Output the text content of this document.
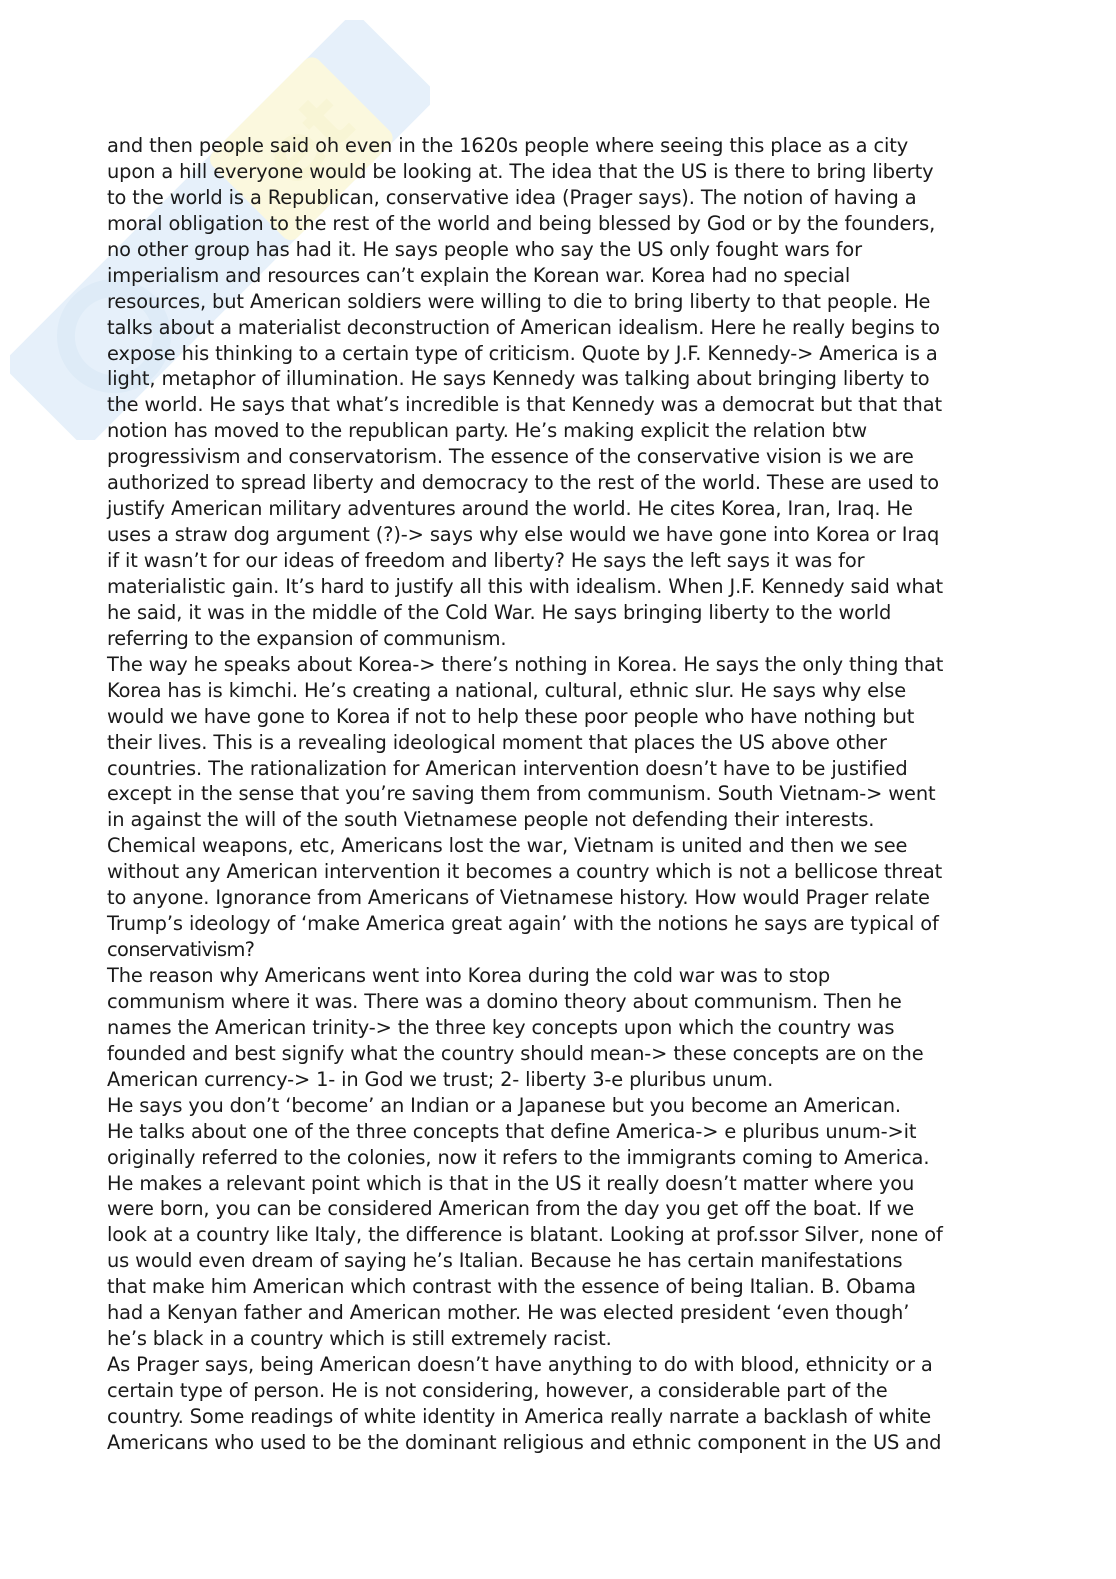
et
and then people said oh even in the 1620s people where seeing this place as a city
upon a hill everyone would be looking at. The idea that the US is there to bring liberty
to the world is a Republican, conservative idea (Prager says). The notion of having a
moral obligation to the rest of the world and being blessed by God or by the founders,
no other group has had it. He says people who say the US only fought wars for
imperialism and resources can’t explain the Korean war. Korea had no special
resources, but American soldiers were willing to die to bring liberty to that people. He
talks about a materialist deconstruction of American idealism. Here he really begins to
expose his thinking to a certain type of criticism. Quote by J.F. Kennedy-> America is a
light, metaphor of illumination. He says Kennedy was talking about bringing liberty to
the world. He says that what’s incredible is that Kennedy was a democrat but that that
notion has moved to the republican party. He’s making explicit the relation btw
progressivism and conservatorism. The essence of the conservative vision is we are
authorized to spread liberty and democracy to the rest of the world. These are used to
justify American military adventures around the world. He cites Korea, Iran, Iraq. He
uses a straw dog argument (?)-> says why else would we have gone into Korea or Iraq
if it wasn’t for our ideas of freedom and liberty? He says the left says it was for
materialistic gain. It’s hard to justify all this with idealism. When J.F. Kennedy said what
he said, it was in the middle of the Cold War. He says bringing liberty to the world
referring to the expansion of communism.
The way he speaks about Korea-> there’s nothing in Korea. He says the only thing that
Korea has is kimchi. He’s creating a national, cultural, ethnic slur. He says why else
would we have gone to Korea if not to help these poor people who have nothing but
their lives. This is a revealing ideological moment that places the US above other
countries. The rationalization for American intervention doesn’t have to be justified
except in the sense that you’re saving them from communism. South Vietnam-> went
in against the will of the south Vietnamese people not defending their interests.
Chemical weapons, etc, Americans lost the war, Vietnam is united and then we see
without any American intervention it becomes a country which is not a bellicose threat
to anyone. Ignorance from Americans of Vietnamese history. How would Prager relate
Trump’s ideology of ‘make America great again’ with the notions he says are typical of
conservativism?
The reason why Americans went into Korea during the cold war was to stop
communism where it was. There was a domino theory about communism. Then he
names the American trinity-> the three key concepts upon which the country was
founded and best signify what the country should mean-> these concepts are on the
American currency-> 1- in God we trust; 2- liberty 3-e pluribus unum.
He says you don’t ‘become’ an Indian or a Japanese but you become an American.
He talks about one of the three concepts that define America-> e pluribus unum->it
originally referred to the colonies, now it refers to the immigrants coming to America.
He makes a relevant point which is that in the US it really doesn’t matter where you
were born, you can be considered American from the day you get off the boat. If we
look at a country like Italy, the difference is blatant. Looking at prof.ssor Silver, none of
us would even dream of saying he’s Italian. Because he has certain manifestations
that make him American which contrast with the essence of being Italian. B. Obama
had a Kenyan father and American mother. He was elected president ‘even though’
he’s black in a country which is still extremely racist.
As Prager says, being American doesn’t have anything to do with blood, ethnicity or a
certain type of person. He is not considering, however, a considerable part of the
country. Some readings of white identity in America really narrate a backlash of white
Americans who used to be the dominant religious and ethnic component in the US and
